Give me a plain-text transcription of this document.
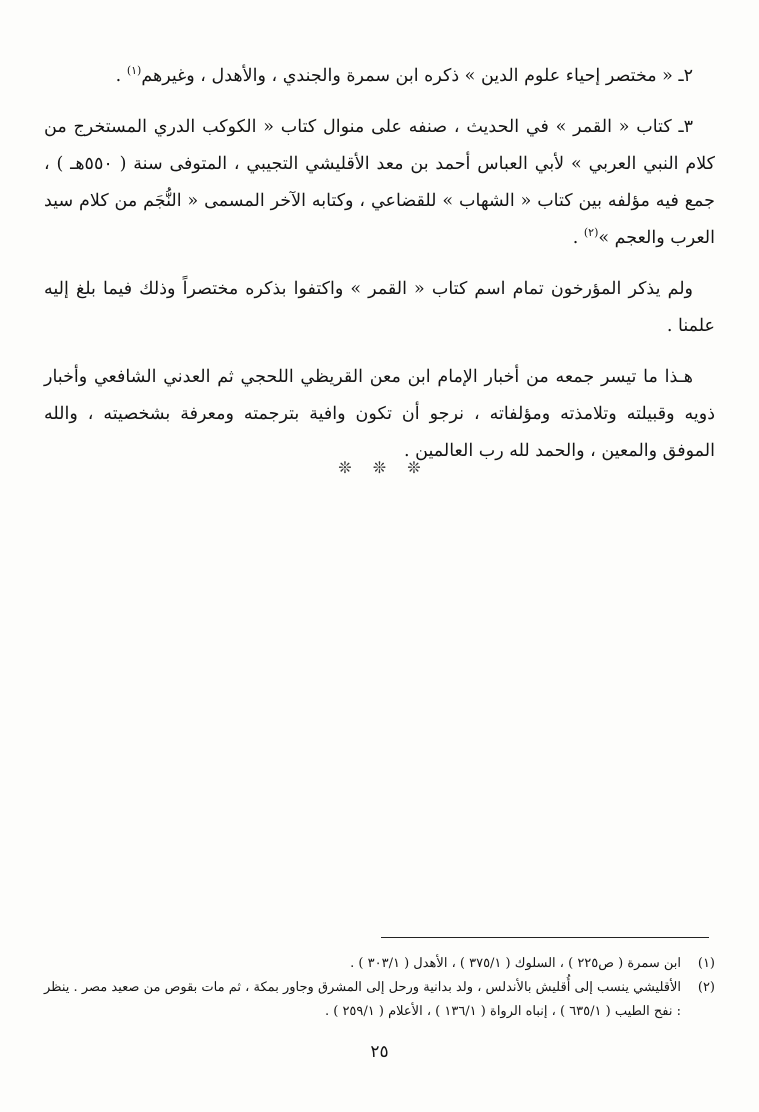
٢ـ « مختصر إحياء علوم الدين » ذكره ابن سمرة والجندي ، والأهدل ، وغيرهم$^{(١)}$ .

٣ـ كتاب « القمر » في الحديث ، صنفه على منوال كتاب « الكوكب الدري المستخرج من كلام النبي العربي » لأبي العباس أحمد بن معد الأقليشي التجيبي ، المتوفى سنة ( ٥٥٠هـ ) ، جمع فيه مؤلفه بين كتاب « الشهاب » للقضاعي ، وكتابه الآخر المسمى « النُّجَم من كلام سيد العرب والعجم »$^{(٢)}$ .

ولم يذكر المؤرخون تمام اسم كتاب « القمر » واكتفوا بذكره مختصراً وذلك فيما بلغ إليه علمنا .

هـذا ما تيسر جمعه من أخبار الإمام ابن معن القريظي اللحجي ثم العدني الشافعي وأخبار ذويه وقبيلته وتلامذته ومؤلفاته ، نرجو أن تكون وافية بترجمته ومعرفة بشخصيته ، والله الموفق والمعين ، والحمد لله رب العالمين .

❊ ❊ ❊
(١)
ابن سمرة ( ص٢٢٥ ) ، السلوك ( ٣٧٥/١ ) ، الأهدل ( ٣٠٣/١ ) .
(٢)
الأقليشي ينسب إلى أُقليش بالأندلس ، ولد بدانية ورحل إلى المشرق وجاور بمكة ، ثم مات بقوص من صعيد مصر . ينظر : نفح الطيب ( ٦٣٥/١ ) ، إنباه الرواة ( ١٣٦/١ ) ، الأعلام ( ٢٥٩/١ ) .
٢٥
